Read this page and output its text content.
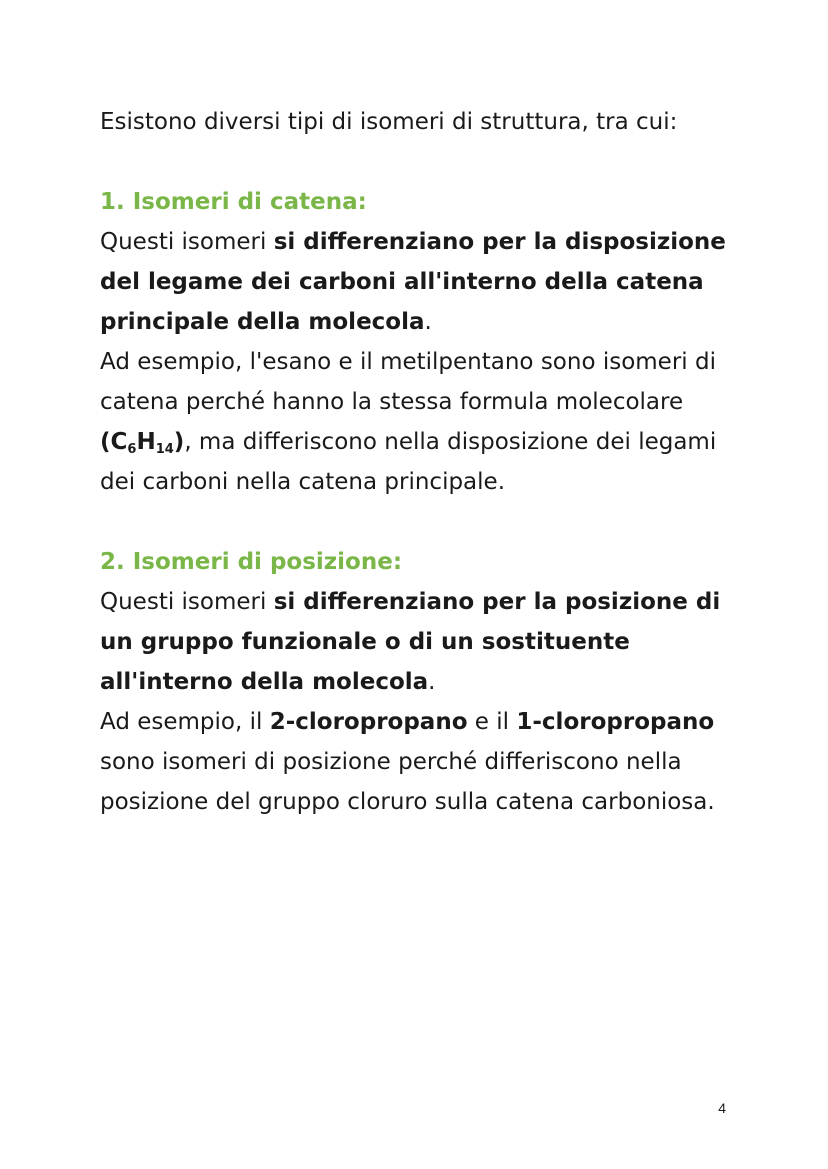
Esistono diversi tipi di isomeri di struttura, tra cui:

1. Isomeri di catena:

Questi isomeri si differenziano per la disposizione del legame dei carboni all'interno della catena principale della molecola.

Ad esempio, l'esano e il metilpentano sono isomeri di catena perché hanno la stessa formula molecolare $(C_6H_{14})$, ma differiscono nella disposizione dei legami dei carboni nella catena principale.

2. Isomeri di posizione:

Questi isomeri si differenziano per la posizione di un gruppo funzionale o di un sostituente all'interno della molecola.

Ad esempio, il 2-cloropropano e il 1-cloropropano sono isomeri di posizione perché differiscono nella posizione del gruppo cloruro sulla catena carboniosa.

4
